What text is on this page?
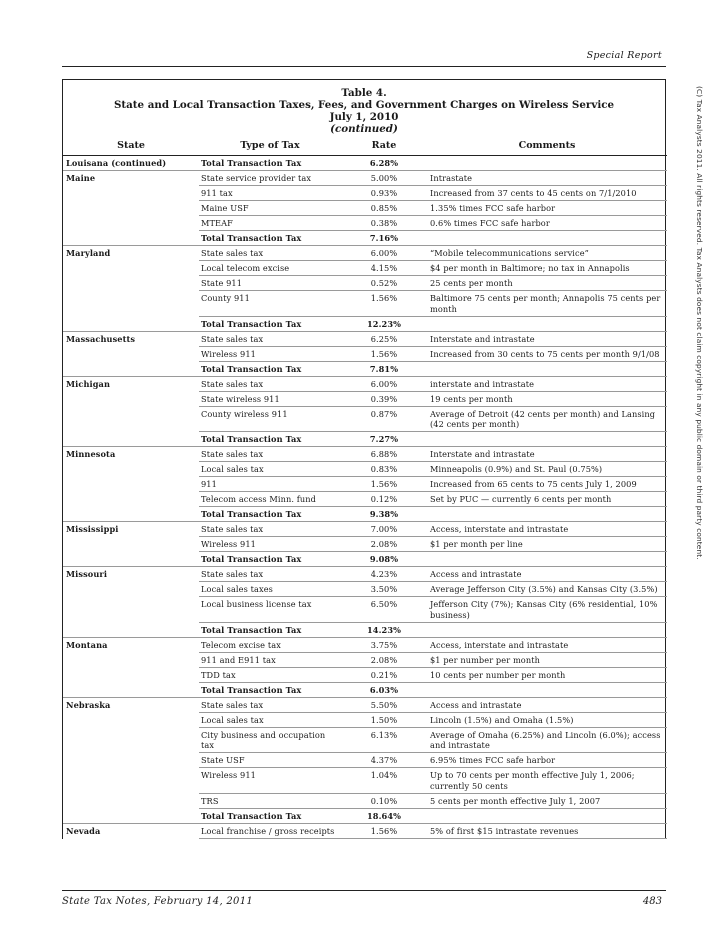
Special Report
Table 4.
State and Local Transaction Taxes, Fees, and Government Charges on Wireless Service
July 1, 2010
(continued)
State	Type of Tax	Rate	Comments
Louisana (continued)	Total Transaction Tax	6.28%	
Maine	State service provider tax	5.00%	Intrastate
	911 tax	0.93%	Increased from 37 cents to 45 cents on 7/1/2010
	Maine USF	0.85%	1.35% times FCC safe harbor
	MTEAF	0.38%	0.6% times FCC safe harbor
	Total Transaction Tax	7.16%	
Maryland	State sales tax	6.00%	“Mobile telecommunications service”
	Local telecom excise	4.15%	$4 per month in Baltimore; no tax in Annapolis
	State 911	0.52%	25 cents per month
	County 911	1.56%	Baltimore 75 cents per month; Annapolis 75 cents per month
	Total Transaction Tax	12.23%	
Massachusetts	State sales tax	6.25%	Interstate and intrastate
	Wireless 911	1.56%	Increased from 30 cents to 75 cents per month 9/1/08
	Total Transaction Tax	7.81%	
Michigan	State sales tax	6.00%	interstate and intrastate
	State wireless 911	0.39%	19 cents per month
	County wireless 911	0.87%	Average of Detroit (42 cents per month) and Lansing (42 cents per month)
	Total Transaction Tax	7.27%	
Minnesota	State sales tax	6.88%	Interstate and intrastate
	Local sales tax	0.83%	Minneapolis (0.9%) and St. Paul (0.75%)
	911	1.56%	Increased from 65 cents to 75 cents July 1, 2009
	Telecom access Minn. fund	0.12%	Set by PUC — currently 6 cents per month
	Total Transaction Tax	9.38%	
Mississippi	State sales tax	7.00%	Access, interstate and intrastate
	Wireless 911	2.08%	$1 per month per line
	Total Transaction Tax	9.08%	
Missouri	State sales tax	4.23%	Access and intrastate
	Local sales taxes	3.50%	Average Jefferson City (3.5%) and Kansas City (3.5%)
	Local business license tax	6.50%	Jefferson City (7%); Kansas City (6% residential, 10% business)
	Total Transaction Tax	14.23%	
Montana	Telecom excise tax	3.75%	Access, interstate and intrastate
	911 and E911 tax	2.08%	$1 per number per month
	TDD tax	0.21%	10 cents per number per month
	Total Transaction Tax	6.03%	
Nebraska	State sales tax	5.50%	Access and intrastate
	Local sales tax	1.50%	Lincoln (1.5%) and Omaha (1.5%)
	City business and occupation tax	6.13%	Average of Omaha (6.25%) and Lincoln (6.0%); access and intrastate
	State USF	4.37%	6.95% times FCC safe harbor
	Wireless 911	1.04%	Up to 70 cents per month effective July 1, 2006; currently 50 cents
	TRS	0.10%	5 cents per month effective July 1, 2007
	Total Transaction Tax	18.64%	
Nevada	Local franchise / gross receipts	1.56%	5% of first $15 intrastate revenues
State Tax Notes, February 14, 2011	483
(C) Tax Analysts 2011. All rights reserved. Tax Analysts does not claim copyright in any public domain or third party content.
